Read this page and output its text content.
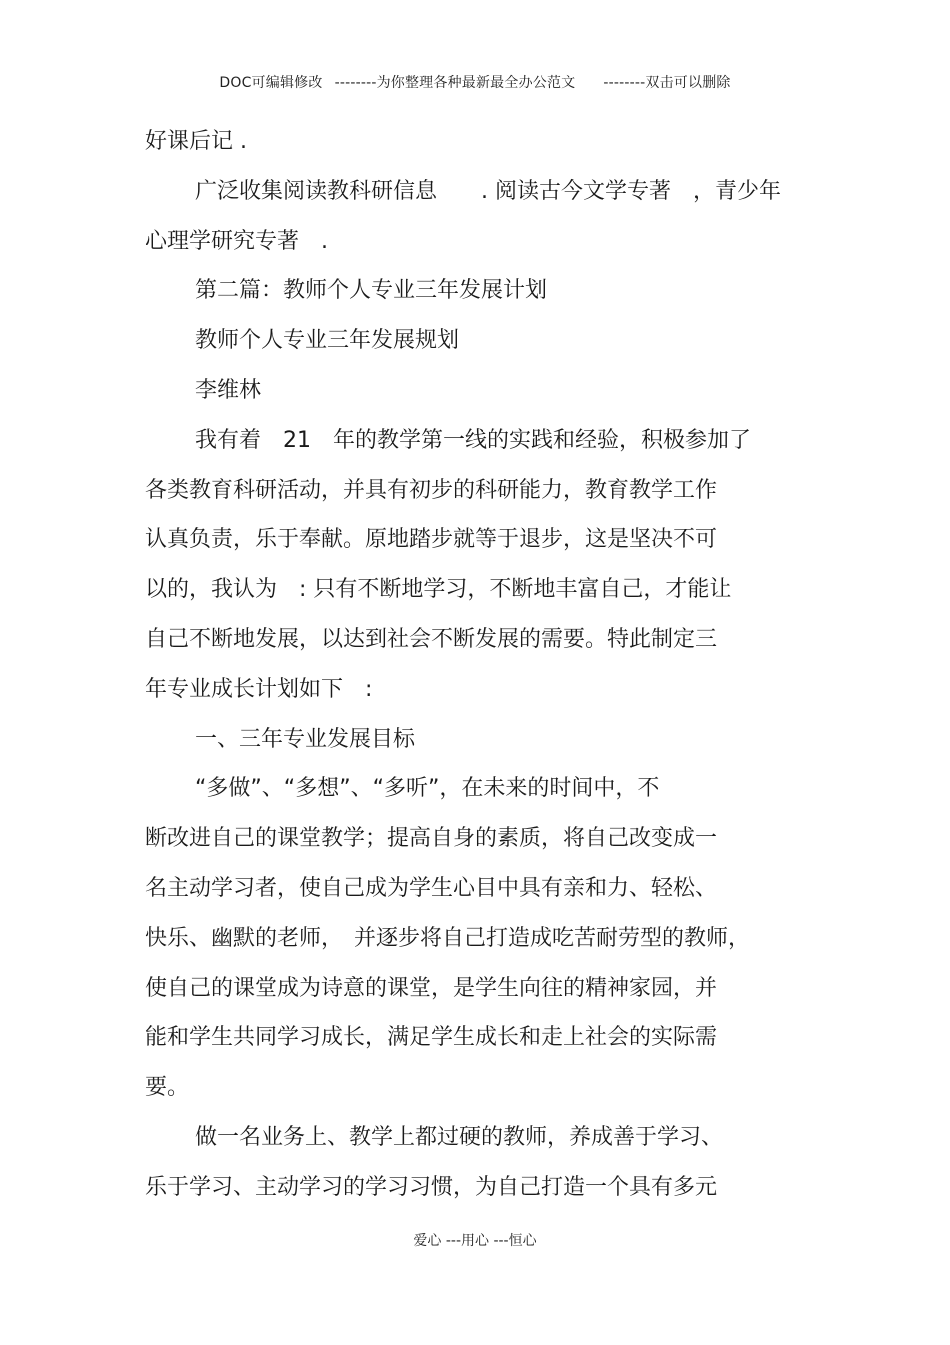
DOC可编辑修改 --------为你整理各种最新最全办公范文 --------双击可以删除
好课后记 .
广泛收集阅读教科研信息　　. 阅读古今文学专著　，青少年
心理学研究专著　.
第二篇：教师个人专业三年发展计划
教师个人专业三年发展规划
李维林
我有着　21　年的教学第一线的实践和经验，积极参加了
各类教育科研活动，并具有初步的科研能力，教育教学工作
认真负责，乐于奉献。原地踏步就等于退步，这是坚决不可
以的，我认为　: 只有不断地学习，不断地丰富自己，才能让
自己不断地发展，以达到社会不断发展的需要。特此制定三
年专业成长计划如下　:
一、三年专业发展目标
“多做”、“多想”、“多听”，在未来的时间中，不
断改进自己的课堂教学；提高自身的素质，将自己改变成一
名主动学习者，使自己成为学生心目中具有亲和力、轻松、
快乐、幽默的老师，　并逐步将自己打造成吃苦耐劳型的教师，
使自己的课堂成为诗意的课堂，是学生向往的精神家园，并
能和学生共同学习成长，满足学生成长和走上社会的实际需
要。
做一名业务上、教学上都过硬的教师，养成善于学习、
乐于学习、主动学习的学习习惯，为自己打造一个具有多元
爱心 ---用心 ---恒心
